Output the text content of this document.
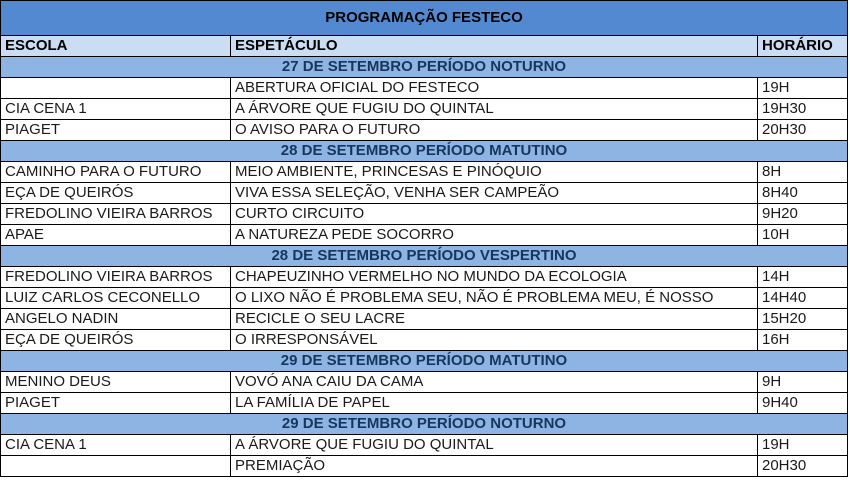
PROGRAMAÇÃO FESTECO		
ESCOLA	ESPETÁCULO	HORÁRIO
27 DE SETEMBRO PERÍODO NOTURNO		
	ABERTURA OFICIAL DO FESTECO	19H
CIA CENA 1	A ÁRVORE QUE FUGIU DO QUINTAL	19H30
PIAGET	O AVISO PARA O FUTURO	20H30
28 DE SETEMBRO PERÍODO MATUTINO		
CAMINHO PARA O FUTURO	MEIO AMBIENTE, PRINCESAS E PINÓQUIO	8H
EÇA DE QUEIRÓS	VIVA ESSA SELEÇÃO, VENHA SER CAMPEÃO	8H40
FREDOLINO VIEIRA BARROS	CURTO CIRCUITO	9H20
APAE	A NATUREZA PEDE SOCORRO	10H
28 DE SETEMBRO PERÍODO VESPERTINO		
FREDOLINO VIEIRA BARROS	CHAPEUZINHO VERMELHO NO MUNDO DA ECOLOGIA	14H
LUIZ CARLOS CECONELLO	O LIXO NÃO É PROBLEMA SEU, NÃO É PROBLEMA MEU, É NOSSO	14H40
ANGELO NADIN	RECICLE O SEU LACRE	15H20
EÇA DE QUEIRÓS	O IRRESPONSÁVEL	16H
29 DE SETEMBRO PERÍODO MATUTINO		
MENINO DEUS	VOVÓ ANA CAIU DA CAMA	9H
PIAGET	LA FAMÍLIA DE PAPEL	9H40
29 DE SETEMBRO PERÍODO NOTURNO		
CIA CENA 1	A ÁRVORE QUE FUGIU DO QUINTAL	19H
	PREMIAÇÃO	20H30
